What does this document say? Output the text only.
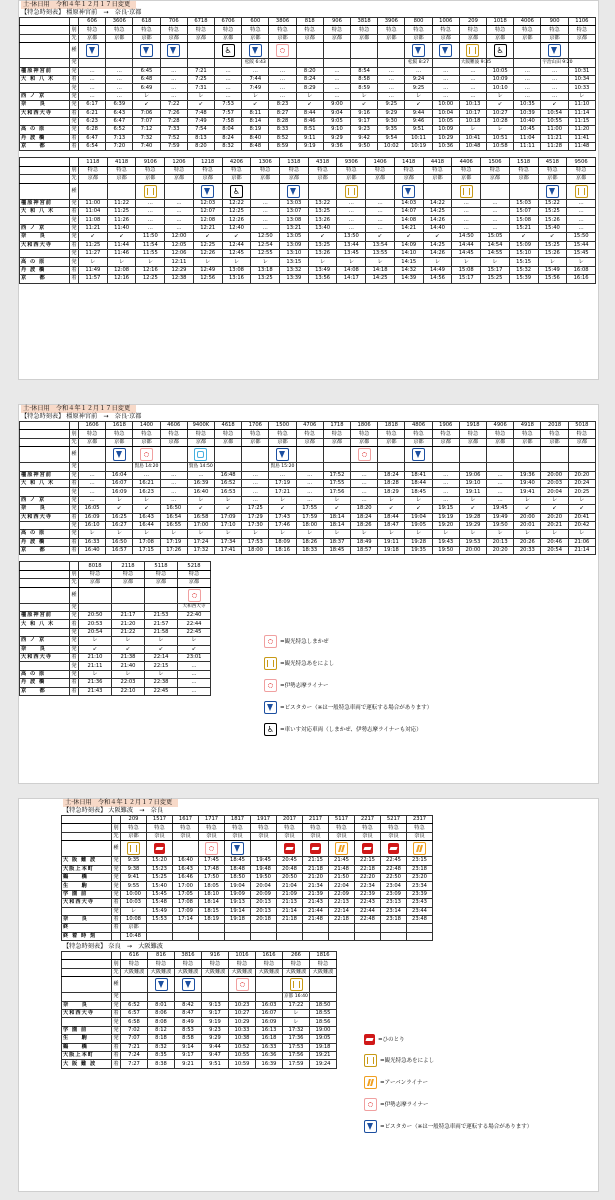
土·休日用　令和４年１２月１７日変更
【特急時刻表】 橿原神宮前　→　奈良·京都
		606	3606	618	706	6718	6706	600	3806	818	906	3818	3906	800	1006	209	1018	4006	900	1106
	別	特急	特急	特急	特急	特急	特急	特急	特急	特急	特急	特急	特急	特急	特急	特急	特急	特急	特急	特急
	先	京都	京都	京都	京都	京都	京都	京都	京都	京都	京都	京都	京都	京都	京都	京都	京都	京都	京都	京都
	種						♿										♿			
	発							松阪 6:43						松阪 8:27		大阪難波 9:35			宇治山田 9:20	

橿原神宮前	発	…	…	6:45	…	7:21	…	…	…	8:20	…	8:54	…	…	…	…	10:05	…	…	10:31
大 和 八 木	着	…	…	6:48	…	7:25	…	7:44	…	8:24	…	8:58	…	9:24	…	…	10:09	…	…	10:34
	発	…	…	6:49	…	7:31	…	7:49	…	8:29	…	8:59	…	9:25	…	…	10:10	…	…	10:33
西 ノ 京	発	…	…	レ	…	レ	…	レ	…	レ	…	レ	…	レ	…	…	レ	…	…	レ
奈　　良	発	6:17	6:39	↙	7:22	↙	7:53	↙	8:23	↙	9:00	↙	9:25	↙	10:00	10:13	↙	10:35	↙	11:10
大和西大寺	着	6:21	6:43	7:06	7:26	7:48	7:57	8:11	8:27	8:44	9:04	9:16	9:29	9:44	10:04	10:17	10:27	10:39	10:54	11:14
	発	6:23	6:47	7:07	7:28	7:49	7:58	8:14	8:28	8:46	9:05	9:17	9:30	9:46	10:05	10:18	10:28	10:40	10:55	11:15
高 の 原	発	6:28	6:52	7:12	7:33	7:54	8:04	8:19	8:33	8:51	9:10	9:23	9:35	9:51	10:09	レ	レ	10:45	11:00	11:20
丹 波 橋	着	6:47	7:13	7:32	7:52	8:13	8:24	8:40	8:52	9:11	9:29	9:42	9:54	10:11	10:29	10:41	10:51	11:04	11:21	11:41
京　　都	着	6:54	7:20	7:40	7:59	8:20	8:32	8:48	8:59	9:19	9:36	9:50	10:02	10:19	10:36	10:48	10:58	11:11	11:28	11:48
		1118	4118	9106	1206	1218	4206	1306	1318	4318	9306	1406	1418	4418	4406	1506	1518	4518	9506
	別	特急	特急	特急	特急	特急	特急	特急	特急	特急	特急	特急	特急	特急	特急	特急	特急	特急	特急
	先	京都	京都	京都	京都	京都	京都	京都	京都	京都	京都	京都	京都	京都	京都	京都	京都	京都	京都
	種						♿												
橿原神宮前	発	11:00	11:22	…	…	12:03	12:22	…	13:03	13:22	…	…	14:03	14:22	…	…	15:03	15:22	…
大 和 八 木	着	11:04	11:25	…	…	12:07	12:25	…	13:07	13:25	…	…	14:07	14:25	…	…	15:07	15:25	…
	発	11:08	11:26	…	…	12:08	12:26	…	13:08	13:26	…	…	14:08	14:26	…	…	15:08	15:26	…
西 ノ 京	発	11:21	11:40	…	…	12:21	12:40	…	13:21	13:40	…	…	14:21	14:40	…	…	15:21	15:40	…
奈　　良	発	↙	↙	11:50	12:00	↙	↙	12:50	13:05	↙	13:50	↙	↙	↙	14:50	15:05	↙	↙	15:50
大和西大寺	着	11:25	11:44	11:54	12:05	12:25	12:44	12:54	13:09	13:25	13:44	13:54	14:09	14:25	14:44	14:54	15:09	15:25	15:44
	発	11:27	11:46	11:55	12:06	12:26	12:45	12:55	13:10	13:26	13:45	13:55	14:10	14:26	14:45	14:55	15:10	15:26	15:45
高 の 原	発	レ	レ	レ	12:11	レ	レ	レ	13:15	レ	レ	レ	14:15	レ	レ	レ	15:15	レ	レ
丹 波 橋	着	11:49	12:08	12:16	12:29	12:49	13:08	13:18	13:32	13:49	14:08	14:18	14:32	14:49	15:08	15:17	15:32	15:49	16:08
京　　都	着	11:57	12:16	12:25	12:38	12:56	13:16	13:25	13:39	13:56	14:17	14:25	14:39	14:56	15:17	15:25	15:39	15:56	16:16
土·休日用　令和４年１２月１７日変更
【特急時刻表】 橿原神宮前　→　奈良·京都
		1606	1618	1400	4606	9400K	4618	1706	1500	4706	1718	1806	1818	4806	1906	1918	4906	4918	2018	5018
	別	特急	特急	特急	特急	特急	特急	特急	特急	特急	特急	特急	特急	特急	特急	特急	特急	特急	特急	特急
	先	京都	京都	京都	京都	京都	京都	京都	京都	京都	京都	京都	京都	京都	京都	京都	京都	京都	京都	京都
	種																			
	発			賢島 14:20		賢島 14:50			賢島 15:20											

橿原神宮前	発	…	16:04	…	…	…	16:48	…	…	…	17:52	…	18:24	18:41	…	19:06	…	19:36	20:00	20:20
大 和 八 木	着	…	16:07	16:21	…	16:39	16:52	…	17:19	…	17:55	…	18:28	18:44	…	19:10	…	19:40	20:03	20:24
	発	…	16:09	16:23	…	16:40	16:53	…	17:21	…	17:56	…	18:29	18:45	…	19:11	…	19:41	20:04	20:25
西 ノ 京	発	…	レ	レ	…	レ	レ	…	レ	…	レ	…	レ	レ	…	レ	…	レ	レ	レ
奈　　良	発	16:05	↙	↙	16:50	↙	↙	17:25	↙	17:55	↙	18:20	↙	↙	19:15	↙	19:45	↙	↙	↙
大和西大寺	着	16:09	16:25	16:43	16:54	16:58	17:09	17:29	17:43	17:59	18:14	18:24	18:44	19:04	19:19	19:28	19:49	20:00	20:20	20:41
	発	16:10	16:27	16:44	16:55	17:00	17:10	17:30	17:46	18:00	18:14	18:26	18:47	19:05	19:20	19:29	19:50	20:01	20:21	20:42
高 の 原	発	レ	レ	レ	レ	レ	レ	レ	レ	レ	レ	レ	レ	レ	レ	レ	レ	レ	レ	レ
丹 波 橋	着	16:33	16:50	17:08	17:19	17:24	17:34	17:53	18:09	18:26	18:37	18:49	19:11	19:28	19:43	19:53	20:13	20:26	20:46	21:06
京　　都	着	16:40	16:57	17:15	17:26	17:32	17:41	18:00	18:16	18:33	18:45	18:57	19:18	19:35	19:50	20:00	20:20	20:33	20:54	21:14
		8018	2118	5118	5218
	別	特急	特急	特急	特急
	先	京都	京都	京都	京都
	種				
	発				大和西大寺

橿原神宮前	発	20:50	21:17	21:53	22:40
大 和 八 木	着	20:53	21:20	21:57	22:44
	発	20:54	21:22	21:58	22:45
西 ノ 京	発	レ	レ	レ	レ
奈　　良	発	↙	↙	↙	↙
大和西大寺	着	21:10	21:38	22:14	23:01
	発	21:11	21:40	22:15	…
高 の 原	発	レ	レ	レ	…
丹 波 橋	着	21:36	22:03	22:38	…
京　　都	着	21:43	22:10	22:45	…
=観光特急しまかぜ
=観光特急あをによし
=伊勢志摩ライナー
=ビスタカー（※は一般特急車両で運転する場合があります）
♿ =車いす対応車両（しまかぜ、伊勢志摩ライナーも対応）
土·休日用　令和４年１２月１７日変更
【特急時刻表】 大阪難波　→　奈良
		209	1517	1617	1717	1817	1917	2017	2117	5117	2217	5217	2317
	別	特急	特急	特急	特急	特急	特急	特急	特急	特急	特急	特急	特急
	先	京都	奈良	奈良	奈良	奈良	奈良	奈良	奈良	奈良	奈良	奈良	奈良
	種												
大 阪 難 波	発	9:35	15:20	16:40	17:45	18:45	19:45	20:45	21:15	21:45	22:15	22:45	23:15
大阪上本町	発	9:38	15:23	16:43	17:48	18:48	19:48	20:48	21:18	21:48	22:18	22:48	23:18
鶴　　橋	発	9:41	15:25	16:46	17:50	18:50	19:50	20:50	21:20	21:50	22:20	22:50	23:20
生　　駒	発	9:55	15:40	17:00	18:05	19:04	20:04	21:04	21:34	22:04	22:34	23:04	23:34
学 園 前	発	10:00	15:45	17:05	18:10	19:09	20:09	21:09	21:39	22:09	22:39	23:09	23:39
大和西大寺	着	10:03	15:48	17:08	18:14	19:13	20:13	21:13	21:43	22:13	22:43	23:13	23:43
	発	レ	15:49	17:09	18:15	19:14	20:13	21:14	21:44	22:14	22:44	23:14	23:44
奈　　良	着	10:08	15:53	17:14	18:19	19:18	20:18	21:18	21:48	22:18	22:48	23:18	23:48
終	着	京都											
終 着 時 刻		10:48											
【特急時刻表】 奈良　→　大阪難波
		616	816	3816	916	1016	1616	266	1816
	別	特急	特急	特急	特急	特急	特急	特急	特急
	先	大阪難波	大阪難波	大阪難波	大阪難波	大阪難波	大阪難波	大阪難波	大阪難波
	種								
	発							京都 16:40	

奈　　良	発	6:52	8:01	8:42	9:13	10:23	16:03	17:22	18:50
大和西大寺	着	6:57	8:06	8:47	9:17	10:27	16:07	レ	18:55
	発	6:58	8:08	8:49	9:19	10:29	16:09	レ	18:56
学 園 前	発	7:02	8:12	8:53	9:23	10:33	16:13	17:32	19:00
生　　駒	発	7:07	8:18	8:58	9:29	10:38	16:18	17:36	19:05
鶴　　橋	着	7:21	8:32	9:14	9:44	10:52	16:33	17:53	19:18
大阪上本町	着	7:24	8:35	9:17	9:47	10:55	16:36	17:56	19:21
大 阪 難 波	着	7:27	8:38	9:21	9:51	10:59	16:39	17:59	19:24
=ひのとり
=観光特急あをによし
=アーバンライナー
=伊勢志摩ライナー
=ビスタカー（※は一般特急車両で運転する場合があります）
